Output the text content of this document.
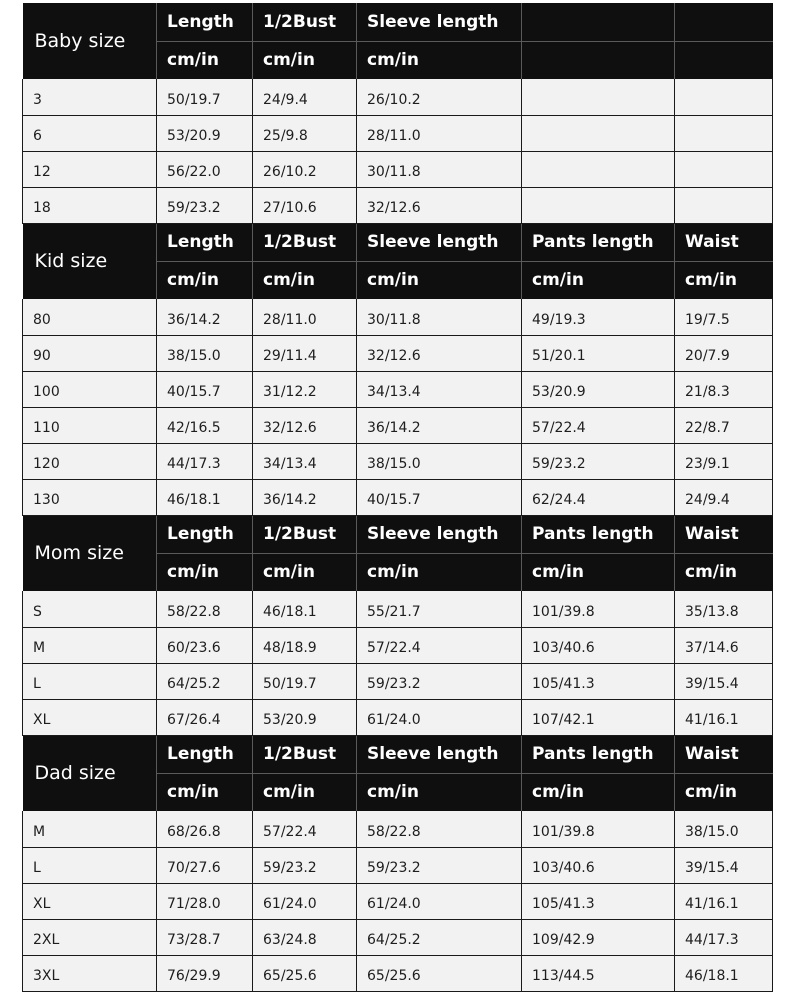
Baby size	Length	1/2Bust	Sleeve length		
	cm/in	cm/in	cm/in		
3	50/19.7	24/9.4	26/10.2		
6	53/20.9	25/9.8	28/11.0		
12	56/22.0	26/10.2	30/11.8		
18	59/23.2	27/10.6	32/12.6		
Kid size	Length	1/2Bust	Sleeve length	Pants length	Waist
	cm/in	cm/in	cm/in	cm/in	cm/in
80	36/14.2	28/11.0	30/11.8	49/19.3	19/7.5
90	38/15.0	29/11.4	32/12.6	51/20.1	20/7.9
100	40/15.7	31/12.2	34/13.4	53/20.9	21/8.3
110	42/16.5	32/12.6	36/14.2	57/22.4	22/8.7
120	44/17.3	34/13.4	38/15.0	59/23.2	23/9.1
130	46/18.1	36/14.2	40/15.7	62/24.4	24/9.4
Mom size	Length	1/2Bust	Sleeve length	Pants length	Waist
	cm/in	cm/in	cm/in	cm/in	cm/in
S	58/22.8	46/18.1	55/21.7	101/39.8	35/13.8
M	60/23.6	48/18.9	57/22.4	103/40.6	37/14.6
L	64/25.2	50/19.7	59/23.2	105/41.3	39/15.4
XL	67/26.4	53/20.9	61/24.0	107/42.1	41/16.1
Dad size	Length	1/2Bust	Sleeve length	Pants length	Waist
	cm/in	cm/in	cm/in	cm/in	cm/in
M	68/26.8	57/22.4	58/22.8	101/39.8	38/15.0
L	70/27.6	59/23.2	59/23.2	103/40.6	39/15.4
XL	71/28.0	61/24.0	61/24.0	105/41.3	41/16.1
2XL	73/28.7	63/24.8	64/25.2	109/42.9	44/17.3
3XL	76/29.9	65/25.6	65/25.6	113/44.5	46/18.1
